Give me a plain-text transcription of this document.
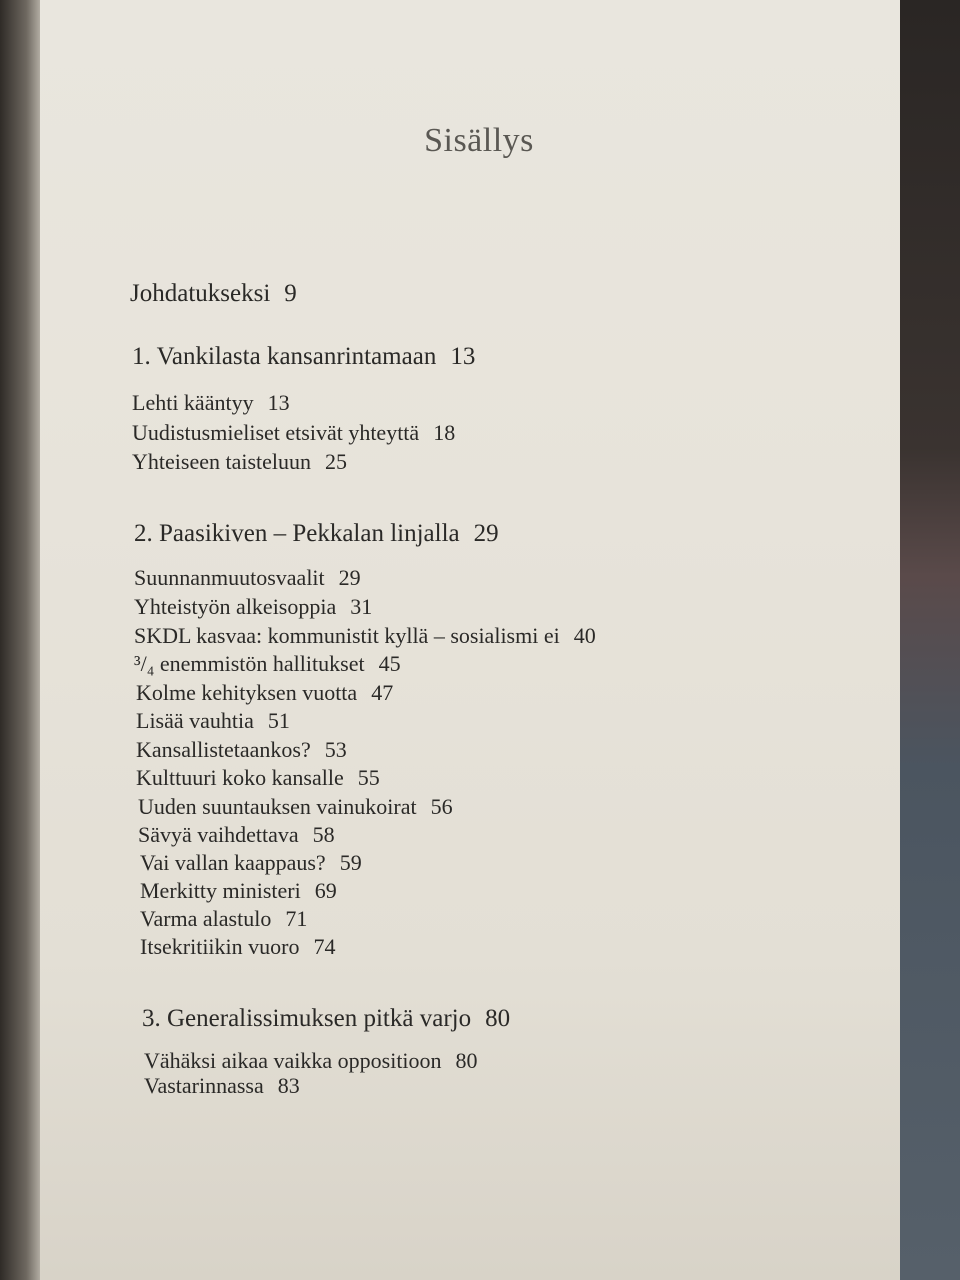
Sisällys
Johdatukseksi 9
1. Vankilasta kansanrintamaan 13
Lehti kääntyy 13
Uudistusmieliset etsivät yhteyttä 18
Yhteiseen taisteluun 25
2. Paasikiven – Pekkalan linjalla 29
Suunnanmuutosvaalit 29
Yhteistyön alkeisoppia 31
SKDL kasvaa: kommunistit kyllä – sosialismi ei 40
³/₄ enemmistön hallitukset 45
Kolme kehityksen vuotta 47
Lisää vauhtia 51
Kansallistetaankos? 53
Kulttuuri koko kansalle 55
Uuden suuntauksen vainukoirat 56
Sävyä vaihdettava 58
Vai vallan kaappaus? 59
Merkitty ministeri 69
Varma alastulo 71
Itsekritiikin vuoro 74
3. Generalissimuksen pitkä varjo 80
Vähäksi aikaa vaikka oppositioon 80
Vastarinnassa 83
